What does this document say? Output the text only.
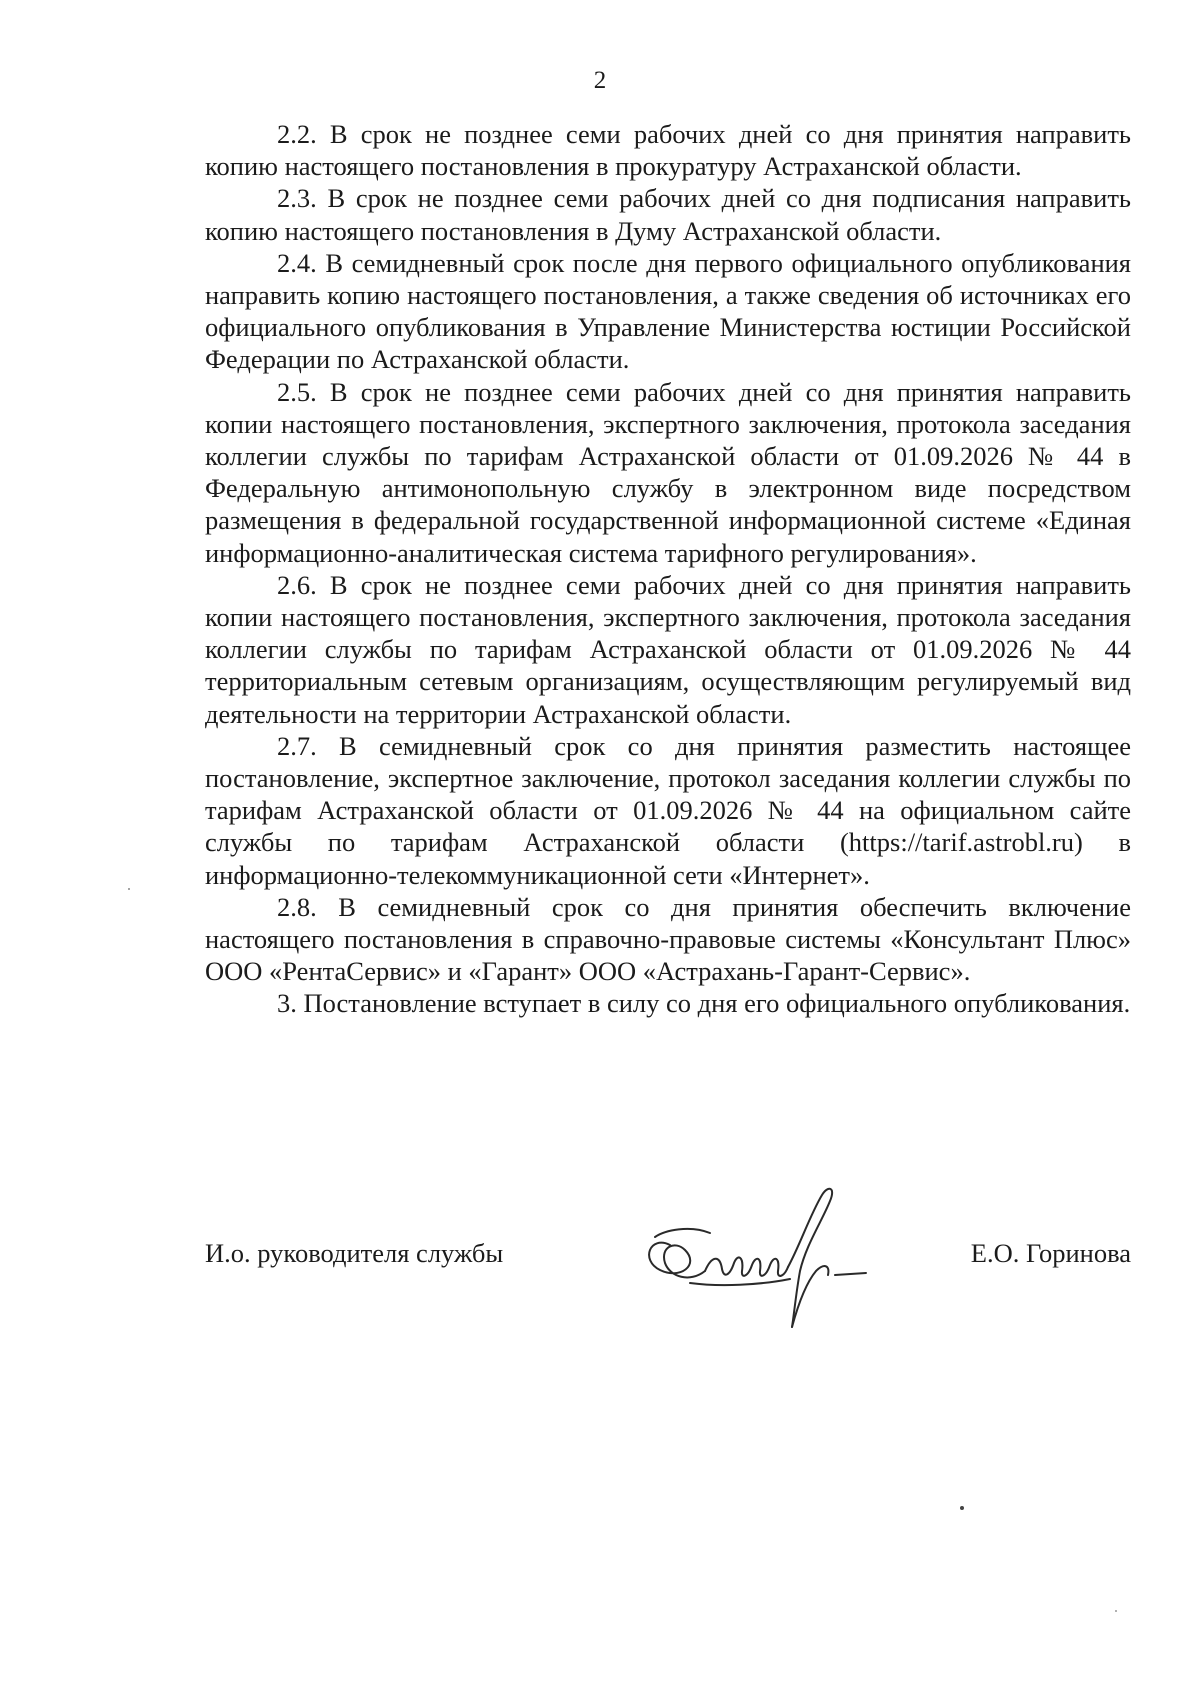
2

2.2. В срок не позднее семи рабочих дней со дня принятия направить копию настоящего постановления в прокуратуру Астраханской области.

2.3. В срок не позднее семи рабочих дней со дня подписания направить копию настоящего постановления в Думу Астраханской области.

2.4. В семидневный срок после дня первого официального опубликования направить копию настоящего постановления, а также сведения об источниках его официального опубликования в Управление Министерства юстиции Российской Федерации по Астраханской области.

2.5. В срок не позднее семи рабочих дней со дня принятия направить копии настоящего постановления, экспертного заключения, протокола заседания коллегии службы по тарифам Астраханской области от 01.09.2026 № 44 в Федеральную антимонопольную службу в электронном виде посредством размещения в федеральной государственной информационной системе «Единая информационно-аналитическая система тарифного регулирования».

2.6. В срок не позднее семи рабочих дней со дня принятия направить копии настоящего постановления, экспертного заключения, протокола заседания коллегии службы по тарифам Астраханской области от 01.09.2026 № 44 территориальным сетевым организациям, осуществляющим регулируемый вид деятельности на территории Астраханской области.

2.7. В семидневный срок со дня принятия разместить настоящее постановление, экспертное заключение, протокол заседания коллегии службы по тарифам Астраханской области от 01.09.2026 № 44 на официальном сайте службы по тарифам Астраханской области (https://tarif.astrobl.ru) в информационно-телекоммуникационной сети «Интернет».

2.8. В семидневный срок со дня принятия обеспечить включение настоящего постановления в справочно-правовые системы «Консультант Плюс» ООО «РентаСервис» и «Гарант» ООО «Астрахань-Гарант-Сервис».

3. Постановление вступает в силу со дня его официального опубликования.

И.о. руководителя службы	Е.О. Горинова
